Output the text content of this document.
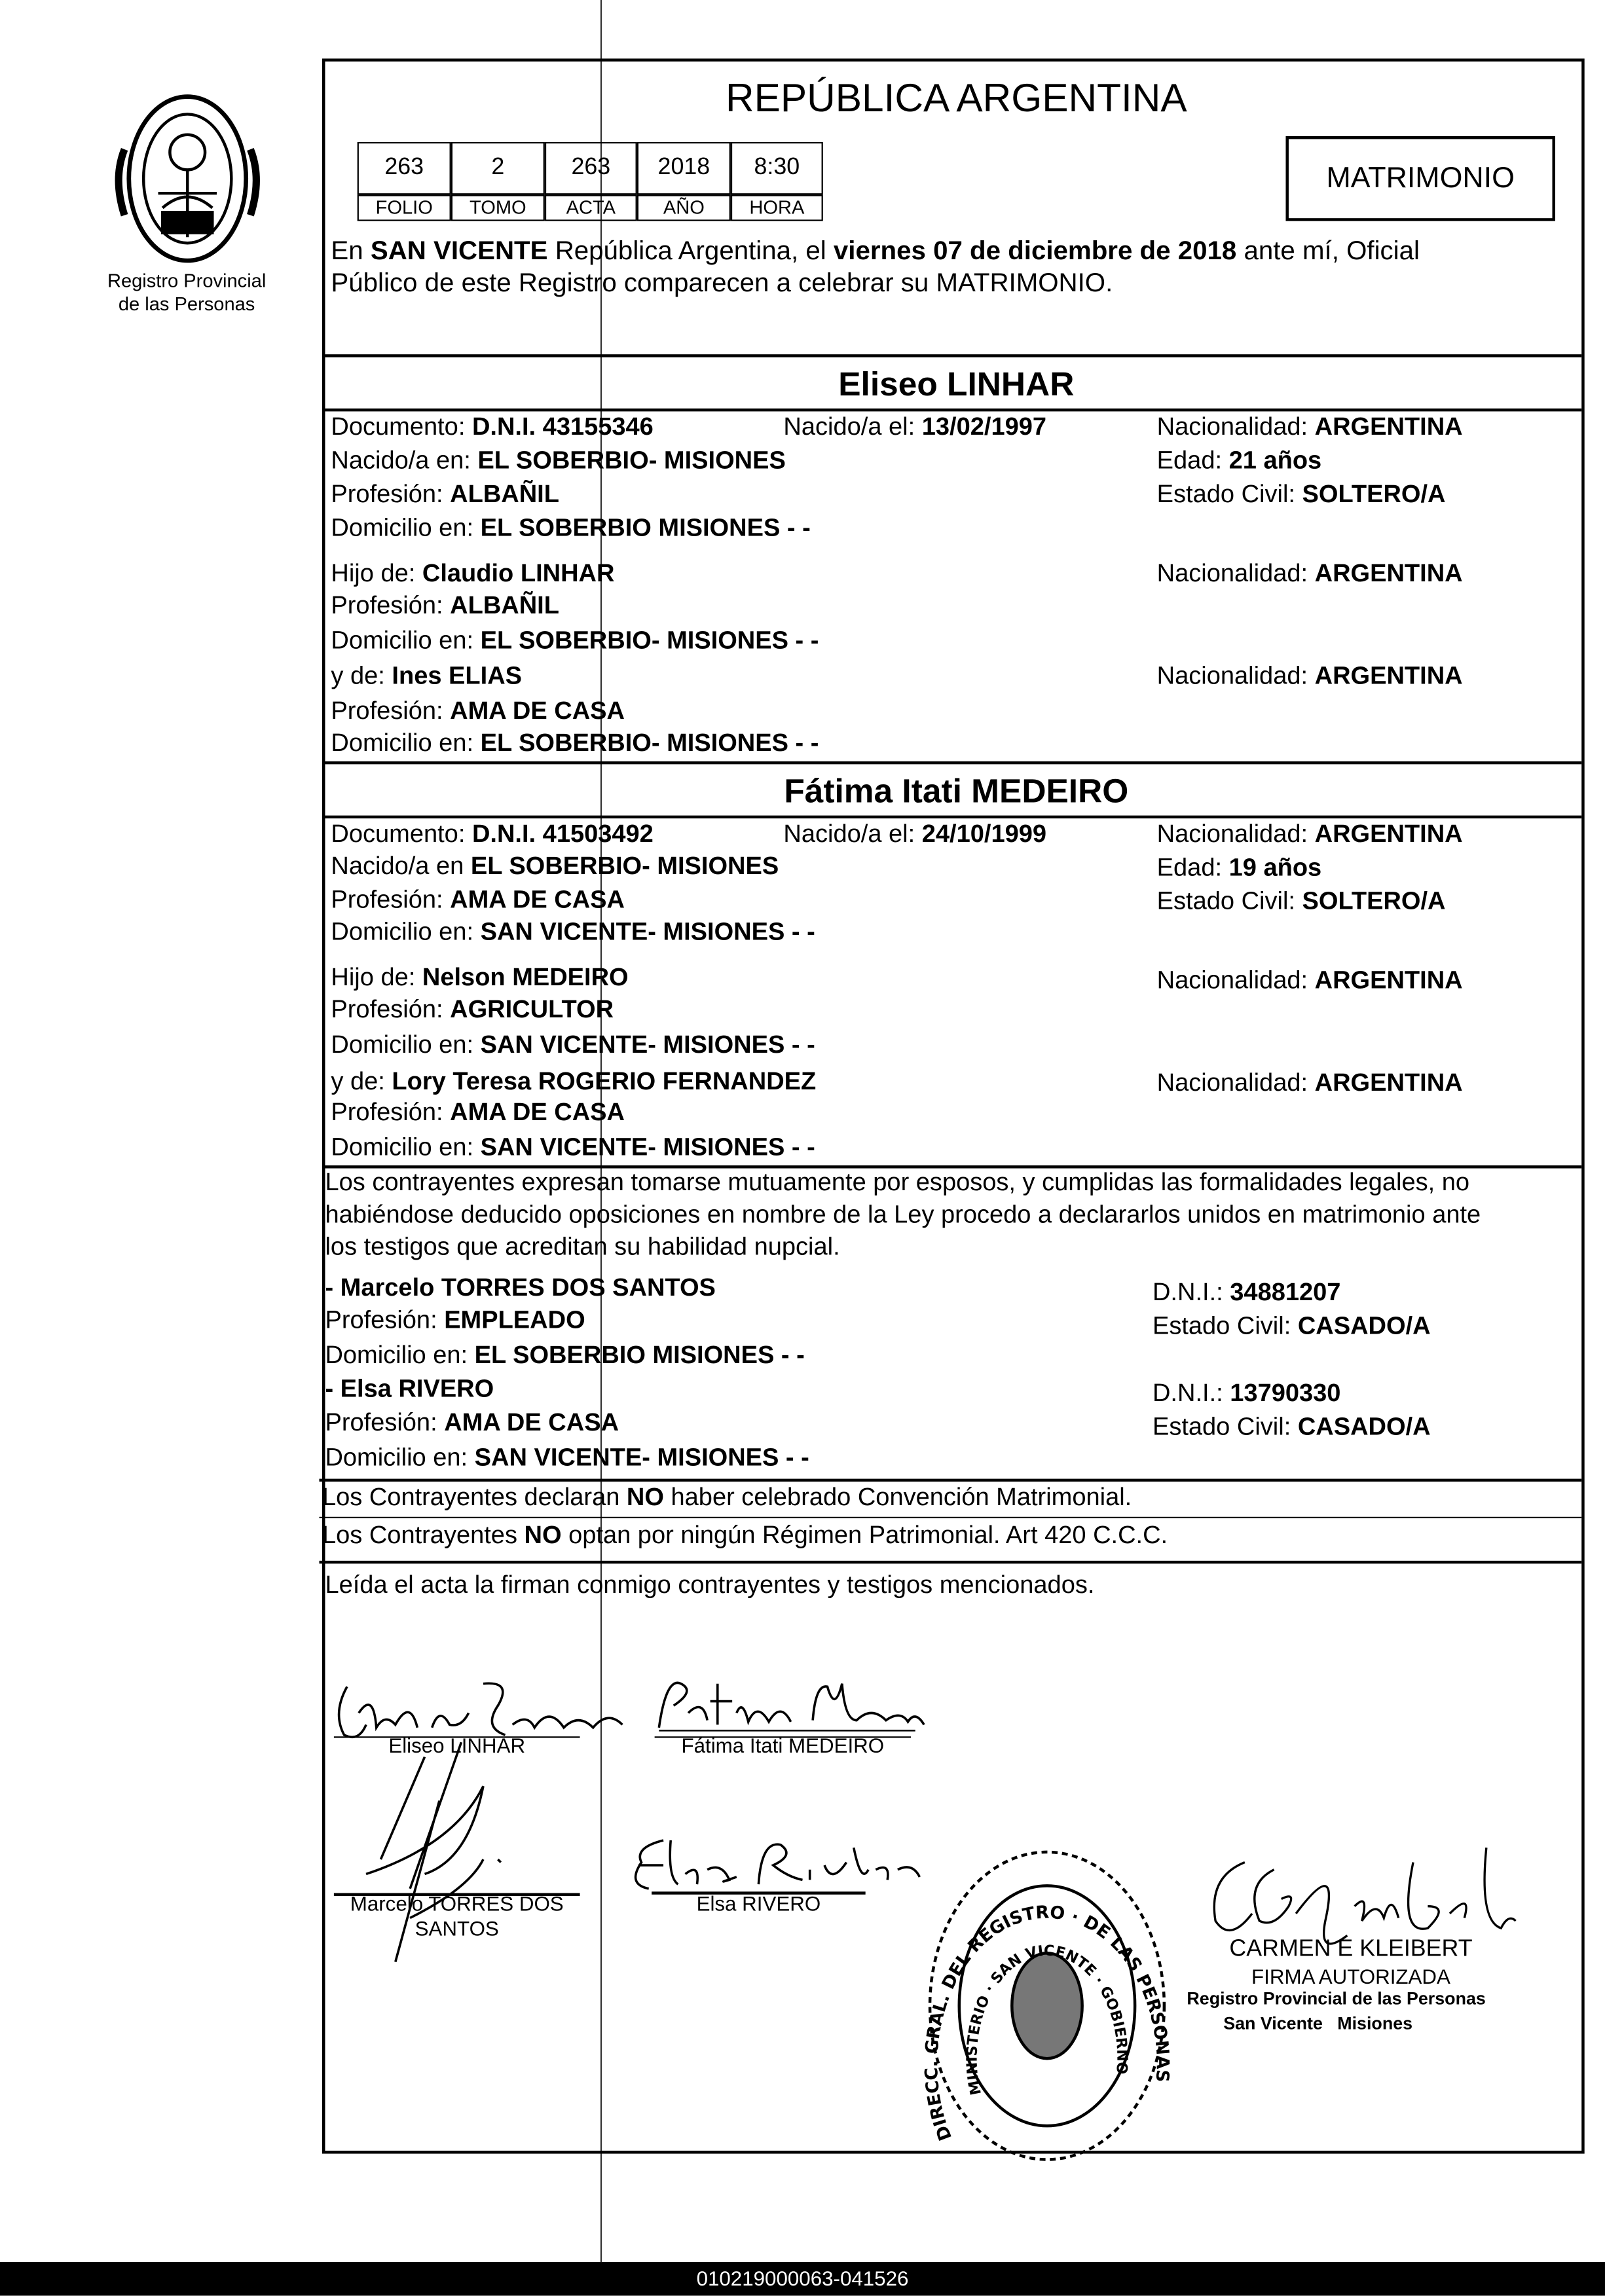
Registro Provincial
de las Personas
REPÚBLICA ARGENTINA
263	2	263	2018	8:30
FOLIO	TOMO	ACTA	AÑO	HORA
MATRIMONIO
En SAN VICENTE República Argentina, el viernes 07 de diciembre de 2018 ante mí, Oficial
Público de este Registro comparecen a celebrar su MATRIMONIO.
Eliseo LINHAR
Documento: D.N.I. 43155346	Nacido/a el: 13/02/1997	Nacionalidad: ARGENTINA
Nacido/a en: EL SOBERBIO- MISIONES	Edad: 21 años
Profesión: ALBAÑIL	Estado Civil: SOLTERO/A
Domicilio en: EL SOBERBIO MISIONES - -
Hijo de: Claudio LINHAR	Nacionalidad: ARGENTINA
Profesión: ALBAÑIL
Domicilio en: EL SOBERBIO- MISIONES - -
y de: Ines ELIAS	Nacionalidad: ARGENTINA
Profesión: AMA DE CASA
Domicilio en: EL SOBERBIO- MISIONES - -
Fátima Itati MEDEIRO
Documento: D.N.I. 41503492	Nacido/a el: 24/10/1999	Nacionalidad: ARGENTINA
Nacido/a en EL SOBERBIO- MISIONES	Edad: 19 años
Profesión: AMA DE CASA	Estado Civil: SOLTERO/A
Domicilio en: SAN VICENTE- MISIONES - -
Hijo de: Nelson MEDEIRO	Nacionalidad: ARGENTINA
Profesión: AGRICULTOR
Domicilio en: SAN VICENTE- MISIONES - -
y de: Lory Teresa ROGERIO FERNANDEZ	Nacionalidad: ARGENTINA
Profesión: AMA DE CASA
Domicilio en: SAN VICENTE- MISIONES - -
Los contrayentes expresan tomarse mutuamente por esposos, y cumplidas las formalidades legales, no
habiéndose deducido oposiciones en nombre de la Ley procedo a declararlos unidos en matrimonio ante
los testigos que acreditan su habilidad nupcial.
- Marcelo TORRES DOS SANTOS	D.N.I.: 34881207
Profesión: EMPLEADO	Estado Civil: CASADO/A
Domicilio en: EL SOBERBIO MISIONES - -
- Elsa RIVERO	D.N.I.: 13790330
Profesión: AMA DE CASA	Estado Civil: CASADO/A
Domicilio en: SAN VICENTE- MISIONES - -
Los Contrayentes declaran NO haber celebrado Convención Matrimonial.
Los Contrayentes NO optan por ningún Régimen Patrimonial. Art 420 C.C.C.
Leída el acta la firman conmigo contrayentes y testigos mencionados.
Eliseo LINHAR	Fátima Itati MEDEIRO
Marcelo TORRES DOS
SANTOS
Elsa RIVERO
DIRECC. GRAL. DEL REGISTRO · DE LAS PERSONAS
MINISTERIO · SAN VICENTE · GOBIERNO
CARMEN E KLEIBERT
FIRMA AUTORIZADA
Registro Provincial de las Personas
San Vicente   Misiones
010219000063-041526
